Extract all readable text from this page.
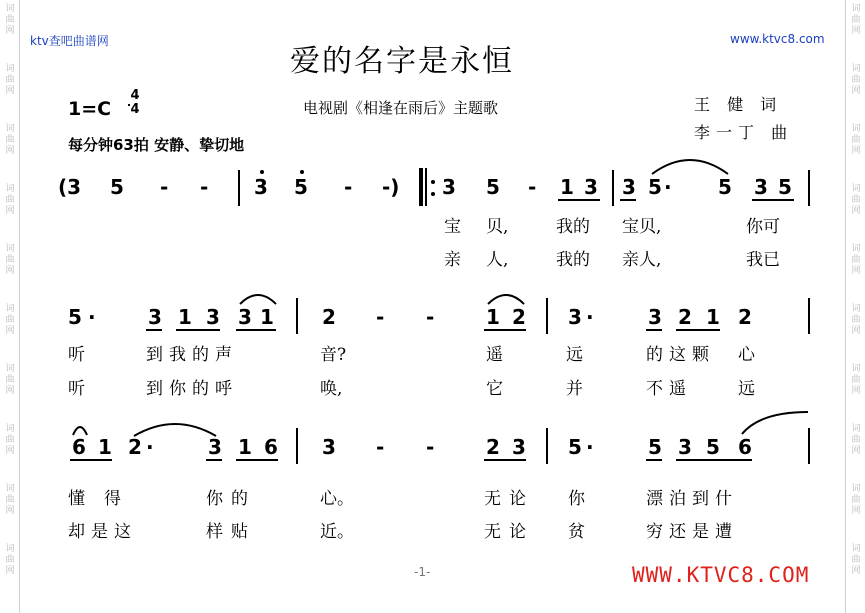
词
曲
网
词
曲
网
词
曲
网
词
曲
网
词
曲
网
词
曲
网
词
曲
网
词
曲
网
词
曲
网
词
曲
网
词
曲
网
词
曲
网
词
曲
网
词
曲
网
词
曲
网
词
曲
网
词
曲
网
词
曲
网
词
曲
网
词
曲
网
ktv查吧曲谱网	www.ktvc8.com
爱的名字是永恒
1=C
4
4	电视剧《相逢在雨后》主题歌	王 健 词
李一丁 曲
每分钟63拍 安静、挚切地
(3 5 - - 3 5 - -) 3 5 - 1 3 3 5 · 5 3 5
宝 贝,	我的 宝贝,	你可
亲 人,	我的 亲人,	我已
5 ·	3 1 3 3 1 2 - -	1 2 3 ·	3 2 1 2
听	到我的声	音?	遥	远	的这颗 心
听	到你的呼	唤,	它	并	不遥	远
6 1 2 ·	3 1 6 3 - -	2 3 5 ·	5 3 5 6
懂 得	你的	心。	无论 你	漂泊到什
却是这	样贴	近。	无论 贫	穷还是遭
-1-	WWW.KTVC8.COM
